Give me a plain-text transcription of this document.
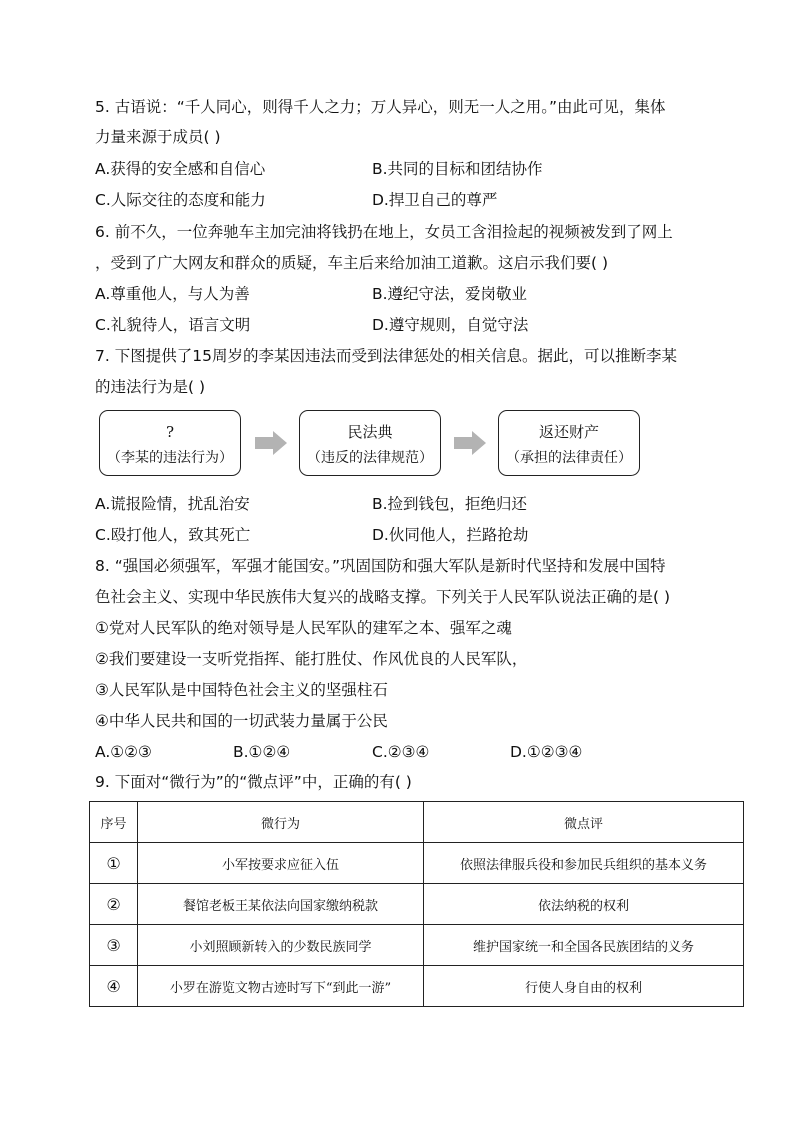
5. 古语说：“千人同心，则得千人之力；万人异心，则无一人之用。”由此可见，集体
力量来源于成员( )
A.获得的安全感和自信心	B.共同的目标和团结协作
C.人际交往的态度和能力	D.捍卫自己的尊严
6. 前不久，一位奔驰车主加完油将钱扔在地上，女员工含泪捡起的视频被发到了网上
，受到了广大网友和群众的质疑，车主后来给加油工道歉。这启示我们要( )
A.尊重他人，与人为善	B.遵纪守法，爱岗敬业
C.礼貌待人，语言文明	D.遵守规则，自觉守法
7. 下图提供了15周岁的李某因违法而受到法律惩处的相关信息。据此，可以推断李某
的违法行为是( )
?
（李某的违法行为）
民法典
（违反的法律规范）
返还财产
（承担的法律责任）
A.谎报险情，扰乱治安	B.捡到钱包，拒绝归还
C.殴打他人，致其死亡	D.伙同他人，拦路抢劫
8. “强国必须强军，军强才能国安。”巩固国防和强大军队是新时代坚持和发展中国特
色社会主义、实现中华民族伟大复兴的战略支撑。下列关于人民军队说法正确的是( )
①党对人民军队的绝对领导是人民军队的建军之本、强军之魂
②我们要建设一支听党指挥、能打胜仗、作风优良的人民军队，
③人民军队是中国特色社会主义的坚强柱石
④中华人民共和国的一切武装力量属于公民
A.①②③	B.①②④	C.②③④	D.①②③④
9. 下面对“微行为”的“微点评”中，正确的有( )
序号	微行为	微点评
①	小军按要求应征入伍	依照法律服兵役和参加民兵组织的基本义务
②	餐馆老板王某依法向国家缴纳税款	依法纳税的权利
③	小刘照顾新转入的少数民族同学	维护国家统一和全国各民族团结的义务
④	小罗在游览文物古迹时写下“到此一游”	行使人身自由的权利
